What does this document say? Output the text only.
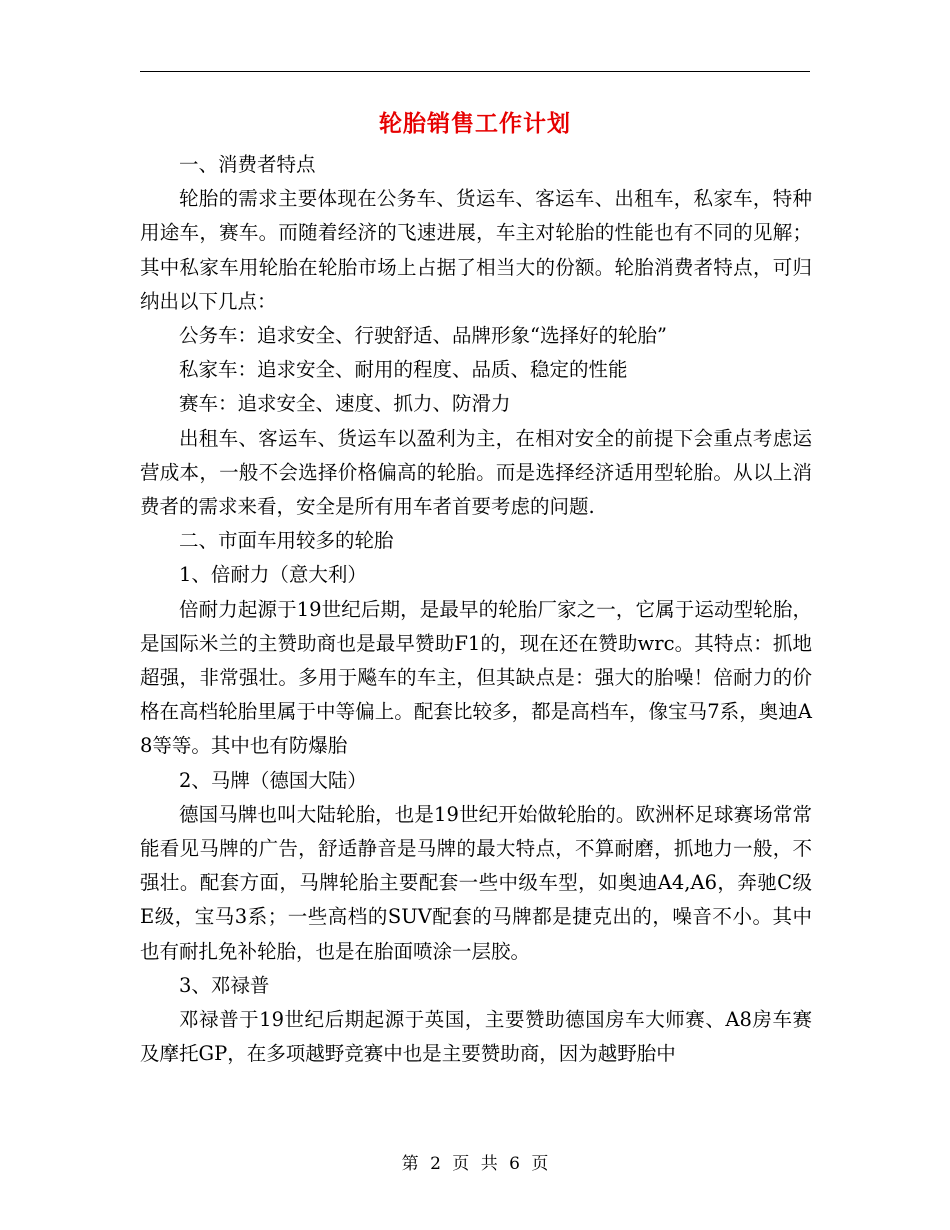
轮胎销售工作计划

一、消费者特点

轮胎的需求主要体现在公务车、货运车、客运车、出租车，私家车，特种用途车，赛车。而随着经济的飞速进展，车主对轮胎的性能也有不同的见解；其中私家车用轮胎在轮胎市场上占据了相当大的份额。轮胎消费者特点，可归纳出以下几点：

公务车：追求安全、行驶舒适、品牌形象“选择好的轮胎”

私家车：追求安全、耐用的程度、品质、稳定的性能

赛车：追求安全、速度、抓力、防滑力

出租车、客运车、货运车以盈利为主，在相对安全的前提下会重点考虑运营成本，一般不会选择价格偏高的轮胎。而是选择经济适用型轮胎。从以上消费者的需求来看，安全是所有用车者首要考虑的问题.

二、市面车用较多的轮胎

1、倍耐力（意大利）

倍耐力起源于19世纪后期，是最早的轮胎厂家之一，它属于运动型轮胎，是国际米兰的主赞助商也是最早赞助F1的，现在还在赞助wrc。其特点：抓地超强，非常强壮。多用于飚车的车主，但其缺点是：强大的胎噪！倍耐力的价格在高档轮胎里属于中等偏上。配套比较多，都是高档车，像宝马7系，奥迪A8等等。其中也有防爆胎

2、马牌（德国大陆）

德国马牌也叫大陆轮胎，也是19世纪开始做轮胎的。欧洲杯足球赛场常常能看见马牌的广告，舒适静音是马牌的最大特点，不算耐磨，抓地力一般，不强壮。配套方面，马牌轮胎主要配套一些中级车型，如奥迪A4,A6，奔驰C级E级，宝马3系；一些高档的SUV配套的马牌都是捷克出的，噪音不小。其中也有耐扎免补轮胎，也是在胎面喷涂一层胶。

3、邓禄普

邓禄普于19世纪后期起源于英国，主要赞助德国房车大师赛、A8房车赛及摩托GP，在多项越野竞赛中也是主要赞助商，因为越野胎中

第 2 页 共 6 页
